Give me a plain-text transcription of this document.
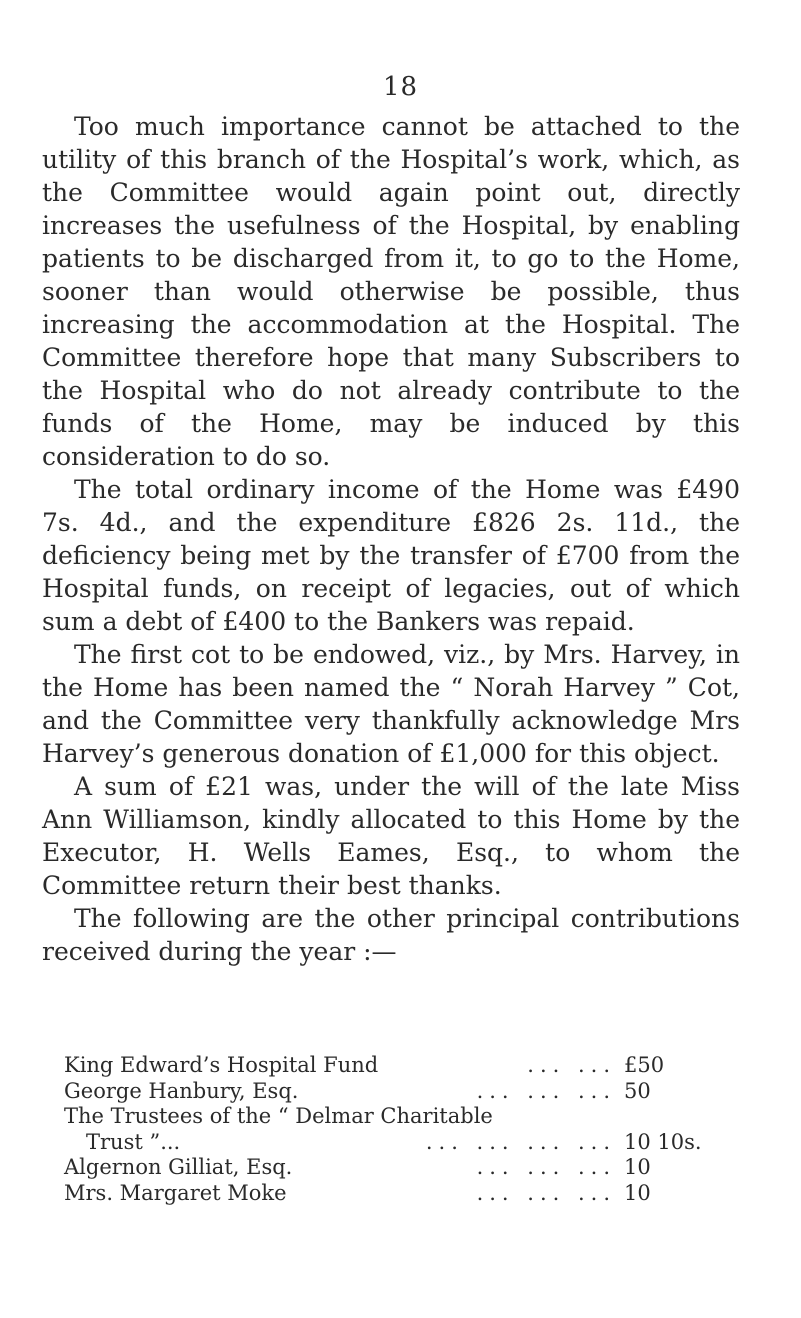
18

Too much importance cannot be attached to the utility of this branch of the Hospital’s work, which, as the Committee would again point out, directly increases the usefulness of the Hospital, by enabling patients to be discharged from it, to go to the Home, sooner than would otherwise be possible, thus increasing the accommodation at the Hospital. The Committee therefore hope that many Subscribers to the Hospital who do not already contribute to the funds of the Home, may be induced by this consideration to do so.

The total ordinary income of the Home was £490 7s. 4d., and the expenditure £826 2s. 11d., the deficiency being met by the transfer of £700 from the Hospital funds, on receipt of legacies, out of which sum a debt of £400 to the Bankers was repaid.

The first cot to be endowed, viz., by Mrs. Harvey, in the Home has been named the “ Norah Harvey ” Cot, and the Committee very thankfully acknowledge Mrs Harvey’s generous donation of £1,000 for this object.

A sum of £21 was, under the will of the late Miss Ann Williamson, kindly allocated to this Home by the Executor, H. Wells Eames, Esq., to whom the Committee return their best thanks.

The following are the other principal contributions received during the year :—

King Edward’s Hospital Fund	... ... £50
George Hanbury, Esq.	... ... ... 50
The Trustees of the “ Delmar Charitable
Trust ”...	... ... ... ... 10 10s.
Algernon Gilliat, Esq.	... ... ... 10
Mrs. Margaret Moke	... ... ... 10
